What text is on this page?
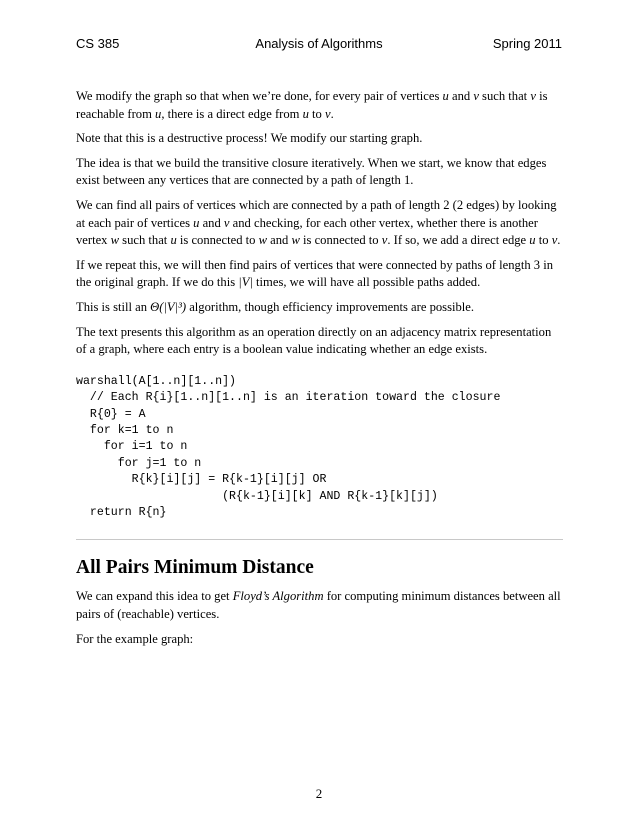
CS 385	Analysis of Algorithms	Spring 2011

We modify the graph so that when we’re done, for every pair of vertices u and v such that v is reachable from u, there is a direct edge from u to v.

Note that this is a destructive process! We modify our starting graph.

The idea is that we build the transitive closure iteratively. When we start, we know that edges exist between any vertices that are connected by a path of length 1.

We can find all pairs of vertices which are connected by a path of length 2 (2 edges) by looking at each pair of vertices u and v and checking, for each other vertex, whether there is another vertex w such that u is connected to w and w is connected to v. If so, we add a direct edge u to v.

If we repeat this, we will then find pairs of vertices that were connected by paths of length 3 in the original graph. If we do this |V| times, we will have all possible paths added.

This is still an Θ(|V|³) algorithm, though efficiency improvements are possible.

The text presents this algorithm as an operation directly on an adjacency matrix representation of a graph, where each entry is a boolean value indicating whether an edge exists.

warshall(A[1..n][1..n])
// Each R{i}[1..n][1..n] is an iteration toward the closure
R{0} = A
for k=1 to n
for i=1 to n
for j=1 to n
R{k}[i][j] = R{k-1}[i][j] OR
(R{k-1}[i][k] AND R{k-1}[k][j])
return R{n}
All Pairs Minimum Distance

We can expand this idea to get Floyd’s Algorithm for computing minimum distances between all pairs of (reachable) vertices.

For the example graph:

2
